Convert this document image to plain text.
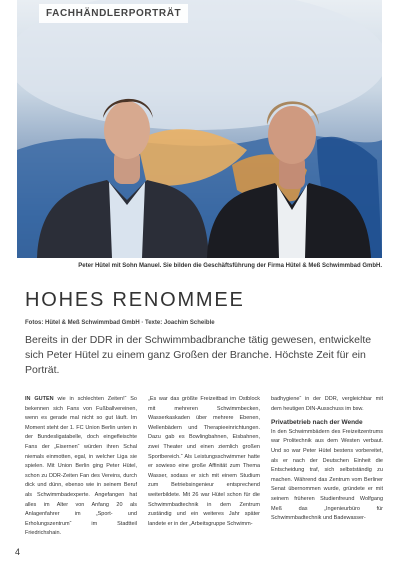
FACHHÄNDLERPORTRÄT
Peter Hütel mit Sohn Manuel. Sie bilden die Geschäftsführung der Firma Hütel & Meß Schwimmbad GmbH.
HOHES RENOMMEE
Fotos: Hütel & Meß Schwimmbad GmbH · Texte: Joachim Scheible
Bereits in der DDR in der Schwimmbadbranche tätig gewesen, entwickelte sich Peter Hütel zu einem ganz Großen der Branche. Höchste Zeit für ein Porträt.
IN GUTEN wie in schlechten Zeiten!“ So bekennen sich Fans von Fußballvereinen, wenn es gerade mal nicht so gut läuft. Im Moment steht der 1. FC Union Berlin unten in der Bundesligatabelle, doch eingefleischte Fans der „Eisernen“ würden ihren Schal niemals einmotten, egal, in welcher Liga sie spielen. Mit Union Berlin ging Peter Hütel, schon zu DDR-Zeiten Fan des Vereins, durch dick und dünn, ebenso wie in seinem Beruf als Schwimmbadexperte. Angefangen hat alles im Alter von Anfang 20 als Anlagenfahrer im „Sport- und Erholungszentrum“ im Stadtteil Friedrichshain.
„Es war das größte Freizeitbad im Ostblock mit mehreren Schwimmbecken, Wasserkaskaden über mehrere Ebenen, Wellenbädern und Therapieeinrichtungen. Dazu gab es Bowlingbahnen, Eisbahnen, zwei Theater und einen ziemlich großen Sportbereich.“ Als Leistungsschwimmer hatte er sowieso eine große Affinität zum Thema Wasser, sodass er sich mit einem Studium zum Betriebsingenieur entsprechend weiterbildete. Mit 26 war Hütel schon für die Schwimmbadtechnik in dem Zentrum zuständig und ein weiteres Jahr später landete er in der „Arbeitsgruppe Schwimm-
badhygiene“ in der DDR, vergleichbar mit dem heutigen DIN-Ausschuss im bsw.
Privatbetrieb nach der Wende
In den Schwimmbädern des Freizeitzentrums war Prolitechnik aus dem Westen verbaut. Und so war Peter Hütel bestens vorbereitet, als er nach der Deutschen Einheit die Entscheidung traf, sich selbstständig zu machen. Während das Zentrum vom Berliner Senat übernommen wurde, gründete er mit seinem früheren Studienfreund Wolfgang Meß das „Ingenieurbüro für Schwimmbadtechnik und Badewasser-
4
